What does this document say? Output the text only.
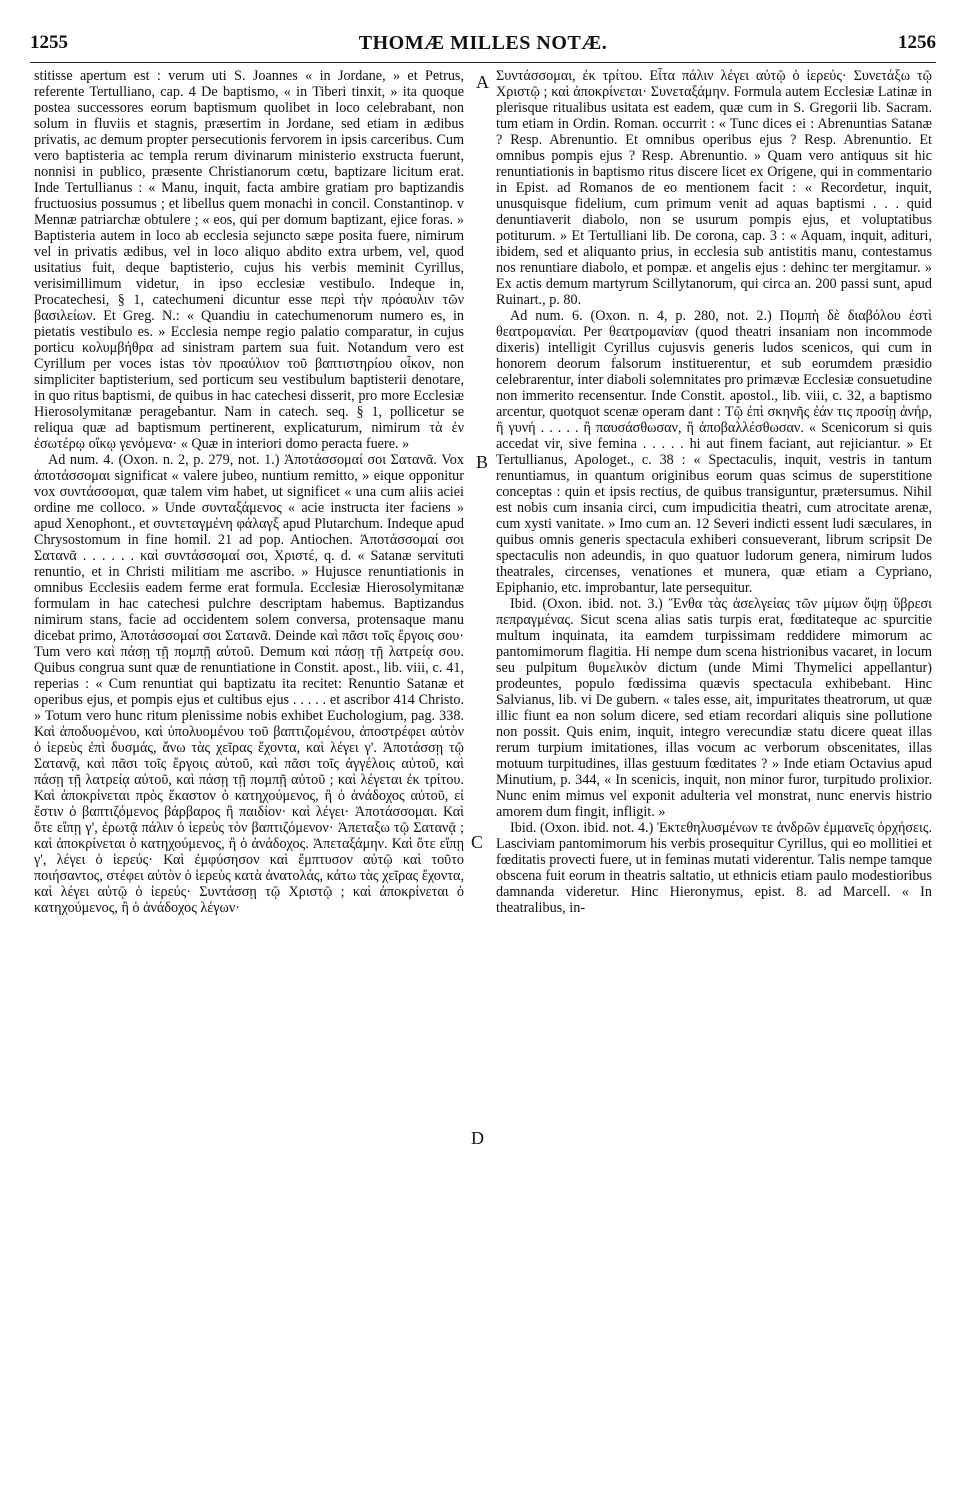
1255	THOMÆ MILLES NOTÆ.	1256
A
B
C
D

stitisse apertum est : verum uti S. Joannes « in Jordane, » et Petrus, referente Tertulliano, cap. 4 De baptismo, « in Tiberi tinxit, » ita quoque postea successores eorum baptismum quolibet in loco celebrabant, non solum in fluviis et stagnis, præsertim in Jordane, sed etiam in ædibus privatis, ac demum propter persecutionis fervorem in ipsis carceribus. Cum vero baptisteria ac templa rerum divinarum ministerio exstructa fuerunt, nonnisi in publico, præsente Christianorum cœtu, baptizare licitum erat. Inde Tertullianus : « Manu, inquit, facta ambire gratiam pro baptizandis fructuosius possumus ; et libellus quem monachi in concil. Constantinop. v Mennæ patriarchæ obtulere ; « eos, qui per domum baptizant, ejice foras. » Baptisteria autem in loco ab ecclesia sejuncto sæpe posita fuere, nimirum vel in privatis ædibus, vel in loco aliquo abdito extra urbem, vel, quod usitatius fuit, deque baptisterio, cujus his verbis meminit Cyrillus, verisimillimum videtur, in ipso ecclesiæ vestibulo. Indeque in, Procatechesi, § 1, catechumeni dicuntur esse περὶ τὴν πρόαυλιν τῶν βασιλείων. Et Greg. N.: « Quandiu in catechumenorum numero es, in pietatis vestibulo es. » Ecclesia nempe regio palatio comparatur, in cujus porticu κολυμβήθρα ad sinistram partem sua fuit. Notandum vero est Cyrillum per voces istas τὸν προαύλιον τοῦ βαπτιστηρίου οἶκον, non simpliciter baptisterium, sed porticum seu vestibulum baptisterii denotare, in quo ritus baptismi, de quibus in hac catechesi disserit, pro more Ecclesiæ Hierosolymitanæ peragebantur. Nam in catech. seq. § 1, pollicetur se reliqua quæ ad baptismum pertinerent, explicaturum, nimirum τὰ ἐν ἐσωτέρῳ οἴκῳ γενόμενα· « Quæ in interiori domo peracta fuere. »

Ad num. 4. (Oxon. n. 2, p. 279, not. 1.) Ἀποτάσσομαί σοι Σατανᾶ. Vox ἀποτάσσομαι significat « valere jubeo, nuntium remitto, » eique opponitur vox συντάσσομαι, quæ talem vim habet, ut significet « una cum aliis aciei ordine me colloco. » Unde συνταξάμενος « acie instructa iter faciens » apud Xenophont., et συντεταγμένη φάλαγξ apud Plutarchum. Indeque apud Chrysostomum in fine homil. 21 ad pop. Antiochen. Ἀποτάσσομαί σοι Σατανᾶ . . . . . . καὶ συντάσσομαί σοι, Χριστέ, q. d. « Satanæ servituti renuntio, et in Christi militiam me ascribo. » Hujusce renuntiationis in omnibus Ecclesiis eadem ferme erat formula. Ecclesiæ Hierosolymitanæ formulam in hac catechesi pulchre descriptam habemus. Baptizandus nimirum stans, facie ad occidentem solem conversa, protensaque manu dicebat primo, Ἀποτάσσομαί σοι Σατανᾶ. Deinde καὶ πᾶσι τοῖς ἔργοις σου· Tum vero καὶ πάσῃ τῇ πομπῇ αὐτοῦ. Demum καὶ πάσῃ τῇ λατρείᾳ σου. Quibus congrua sunt quæ de renuntiatione in Constit. apost., lib. viii, c. 41, reperias : « Cum renuntiat qui baptizatu ita recitet: Renuntio Satanæ et operibus ejus, et pompis ejus et cultibus ejus . . . . . et ascribor 414 Christo. » Totum vero hunc ritum plenissime nobis exhibet Euchologium, pag. 338. Καὶ ἀποδυομένου, καὶ ὑπολυομένου τοῦ βαπτιζομένου, ἀποστρέφει αὐτὸν ὁ ἱερεὺς ἐπὶ δυσμάς, ἄνω τὰς χεῖρας ἔχοντα, καὶ λέγει γ'. Ἀποτάσσῃ τῷ Σατανᾷ, καὶ πᾶσι τοῖς ἔργοις αὐτοῦ, καὶ πᾶσι τοῖς ἀγγέλοις αὐτοῦ, καὶ πάσῃ τῇ λατρείᾳ αὐτοῦ, καὶ πάσῃ τῇ πομπῇ αὐτοῦ ; καὶ λέγεται ἐκ τρίτου. Καὶ ἀποκρίνεται πρὸς ἕκαστον ὁ κατηχούμενος, ἢ ὁ ἀνάδοχος αὐτοῦ, εἰ ἔστιν ὁ βαπτιζόμενος βάρβαρος ἢ παιδίον· καὶ λέγει· Ἀποτάσσομαι. Καὶ ὅτε εἴπῃ γ', ἐρωτᾷ πάλιν ὁ ἱερεὺς τὸν βαπτιζόμενον· Ἀπεταξω τῷ Σατανᾷ ; καὶ ἀποκρίνεται ὁ κατηχούμενος, ἢ ὁ ἀνάδοχος. Ἀπεταξάμην. Καὶ ὅτε εἴπῃ γ', λέγει ὁ ἱερεύς· Καὶ ἐμφύσησον καὶ ἔμπτυσον αὐτῷ καὶ τοῦτο ποιήσαντος, στέφει αὐτὸν ὁ ἱερεὺς κατὰ ἀνατολάς, κάτω τὰς χεῖρας ἔχοντα, καὶ λέγει αὐτῷ ὁ ἱερεύς· Συντάσσῃ τῷ Χριστῷ ; καὶ ἀποκρίνεται ὁ κατηχούμενος, ἢ ὁ ἀνάδοχος λέγων·

Συντάσσομαι, ἐκ τρίτου. Εἶτα πάλιν λέγει αὐτῷ ὁ ἱερεύς· Συνετάξω τῷ Χριστῷ ; καὶ ἀποκρίνεται· Συνεταξάμην. Formula autem Ecclesiæ Latinæ in plerisque ritualibus usitata est eadem, quæ cum in S. Gregorii lib. Sacram. tum etiam in Ordin. Roman. occurrit : « Tunc dices ei : Abrenuntias Satanæ ? Resp. Abrenuntio. Et omnibus operibus ejus ? Resp. Abrenuntio. Et omnibus pompis ejus ? Resp. Abrenuntio. » Quam vero antiquus sit hic renuntiationis in baptismo ritus discere licet ex Origene, qui in commentario in Epist. ad Romanos de eo mentionem facit : « Recordetur, inquit, unusquisque fidelium, cum primum venit ad aquas baptismi . . . quid denuntiaverit diabolo, non se usurum pompis ejus, et voluptatibus potiturum. » Et Tertulliani lib. De corona, cap. 3 : « Aquam, inquit, adituri, ibidem, sed et aliquanto prius, in ecclesia sub antistitis manu, contestamus nos renuntiare diabolo, et pompæ. et angelis ejus : dehinc ter mergitamur. » Ex actis demum martyrum Scillytanorum, qui circa an. 200 passi sunt, apud Ruinart., p. 80.

Ad num. 6. (Oxon. n. 4, p. 280, not. 2.) Πομπὴ δὲ διαβόλου ἐστὶ θεατρομανίαι. Per θεατρομανίαν (quod theatri insaniam non incommode dixeris) intelligit Cyrillus cujusvis generis ludos scenicos, qui cum in honorem deorum falsorum instituerentur, et sub eorumdem præsidio celebrarentur, inter diaboli solemnitates pro primævæ Ecclesiæ consuetudine non immerito recensentur. Inde Constit. apostol., lib. viii, c. 32, a baptismo arcentur, quotquot scenæ operam dant : Τῷ ἐπὶ σκηνῆς ἐάν τις προσίῃ ἀνήρ, ἢ γυνή . . . . . ἢ παυσάσθωσαν, ἢ ἀποβαλλέσθωσαν. « Scenicorum si quis accedat vir, sive femina . . . . . hi aut finem faciant, aut rejiciantur. » Et Tertullianus, Apologet., c. 38 : « Spectaculis, inquit, vestris in tantum renuntiamus, in quantum originibus eorum quas scimus de superstitione conceptas : quin et ipsis rectius, de quibus transiguntur, prætersumus. Nihil est nobis cum insania circi, cum impudicitia theatri, cum atrocitate arenæ, cum xysti vanitate. » Imo cum an. 12 Severi indicti essent ludi sæculares, in quibus omnis generis spectacula exhiberi consueverant, librum scripsit De spectaculis non adeundis, in quo quatuor ludorum genera, nimirum ludos theatrales, circenses, venationes et munera, quæ etiam a Cypriano, Epiphanio, etc. improbantur, late persequitur.

Ibid. (Oxon. ibid. not. 3.) Ἔνθα τὰς ἀσελγείας τῶν μίμων ὄψῃ ὕβρεσι πεπραγμένας. Sicut scena alias satis turpis erat, fœditateque ac spurcitie multum inquinata, ita eamdem turpissimam reddidere mimorum ac pantomimorum flagitia. Hi nempe dum scena histrionibus vacaret, in locum seu pulpitum θυμελικὸν dictum (unde Mimi Thymelici appellantur) prodeuntes, populo fœdissima quævis spectacula exhibebant. Hinc Salvianus, lib. vi De gubern. « tales esse, ait, impuritates theatrorum, ut quæ illic fiunt ea non solum dicere, sed etiam recordari aliquis sine pollutione non possit. Quis enim, inquit, integro verecundiæ statu dicere queat illas rerum turpium imitationes, illas vocum ac verborum obscenitates, illas motuum turpitudines, illas gestuum fœditates ? » Inde etiam Octavius apud Minutium, p. 344, « In scenicis, inquit, non minor furor, turpitudo prolixior. Nunc enim mimus vel exponit adulteria vel monstrat, nunc enervis histrio amorem dum fingit, infligit. »

Ibid. (Oxon. ibid. not. 4.) Ἐκτεθηλυσμένων τε ἀνδρῶν ἐμμανεῖς ὀρχήσεις. Lasciviam pantomimorum his verbis prosequitur Cyrillus, qui eo mollitiei et fœditatis provecti fuere, ut in feminas mutati viderentur. Talis nempe tamque obscena fuit eorum in theatris saltatio, ut ethnicis etiam paulo modestioribus damnanda videretur. Hinc Hieronymus, epist. 8. ad Marcell. « In theatralibus, in-
